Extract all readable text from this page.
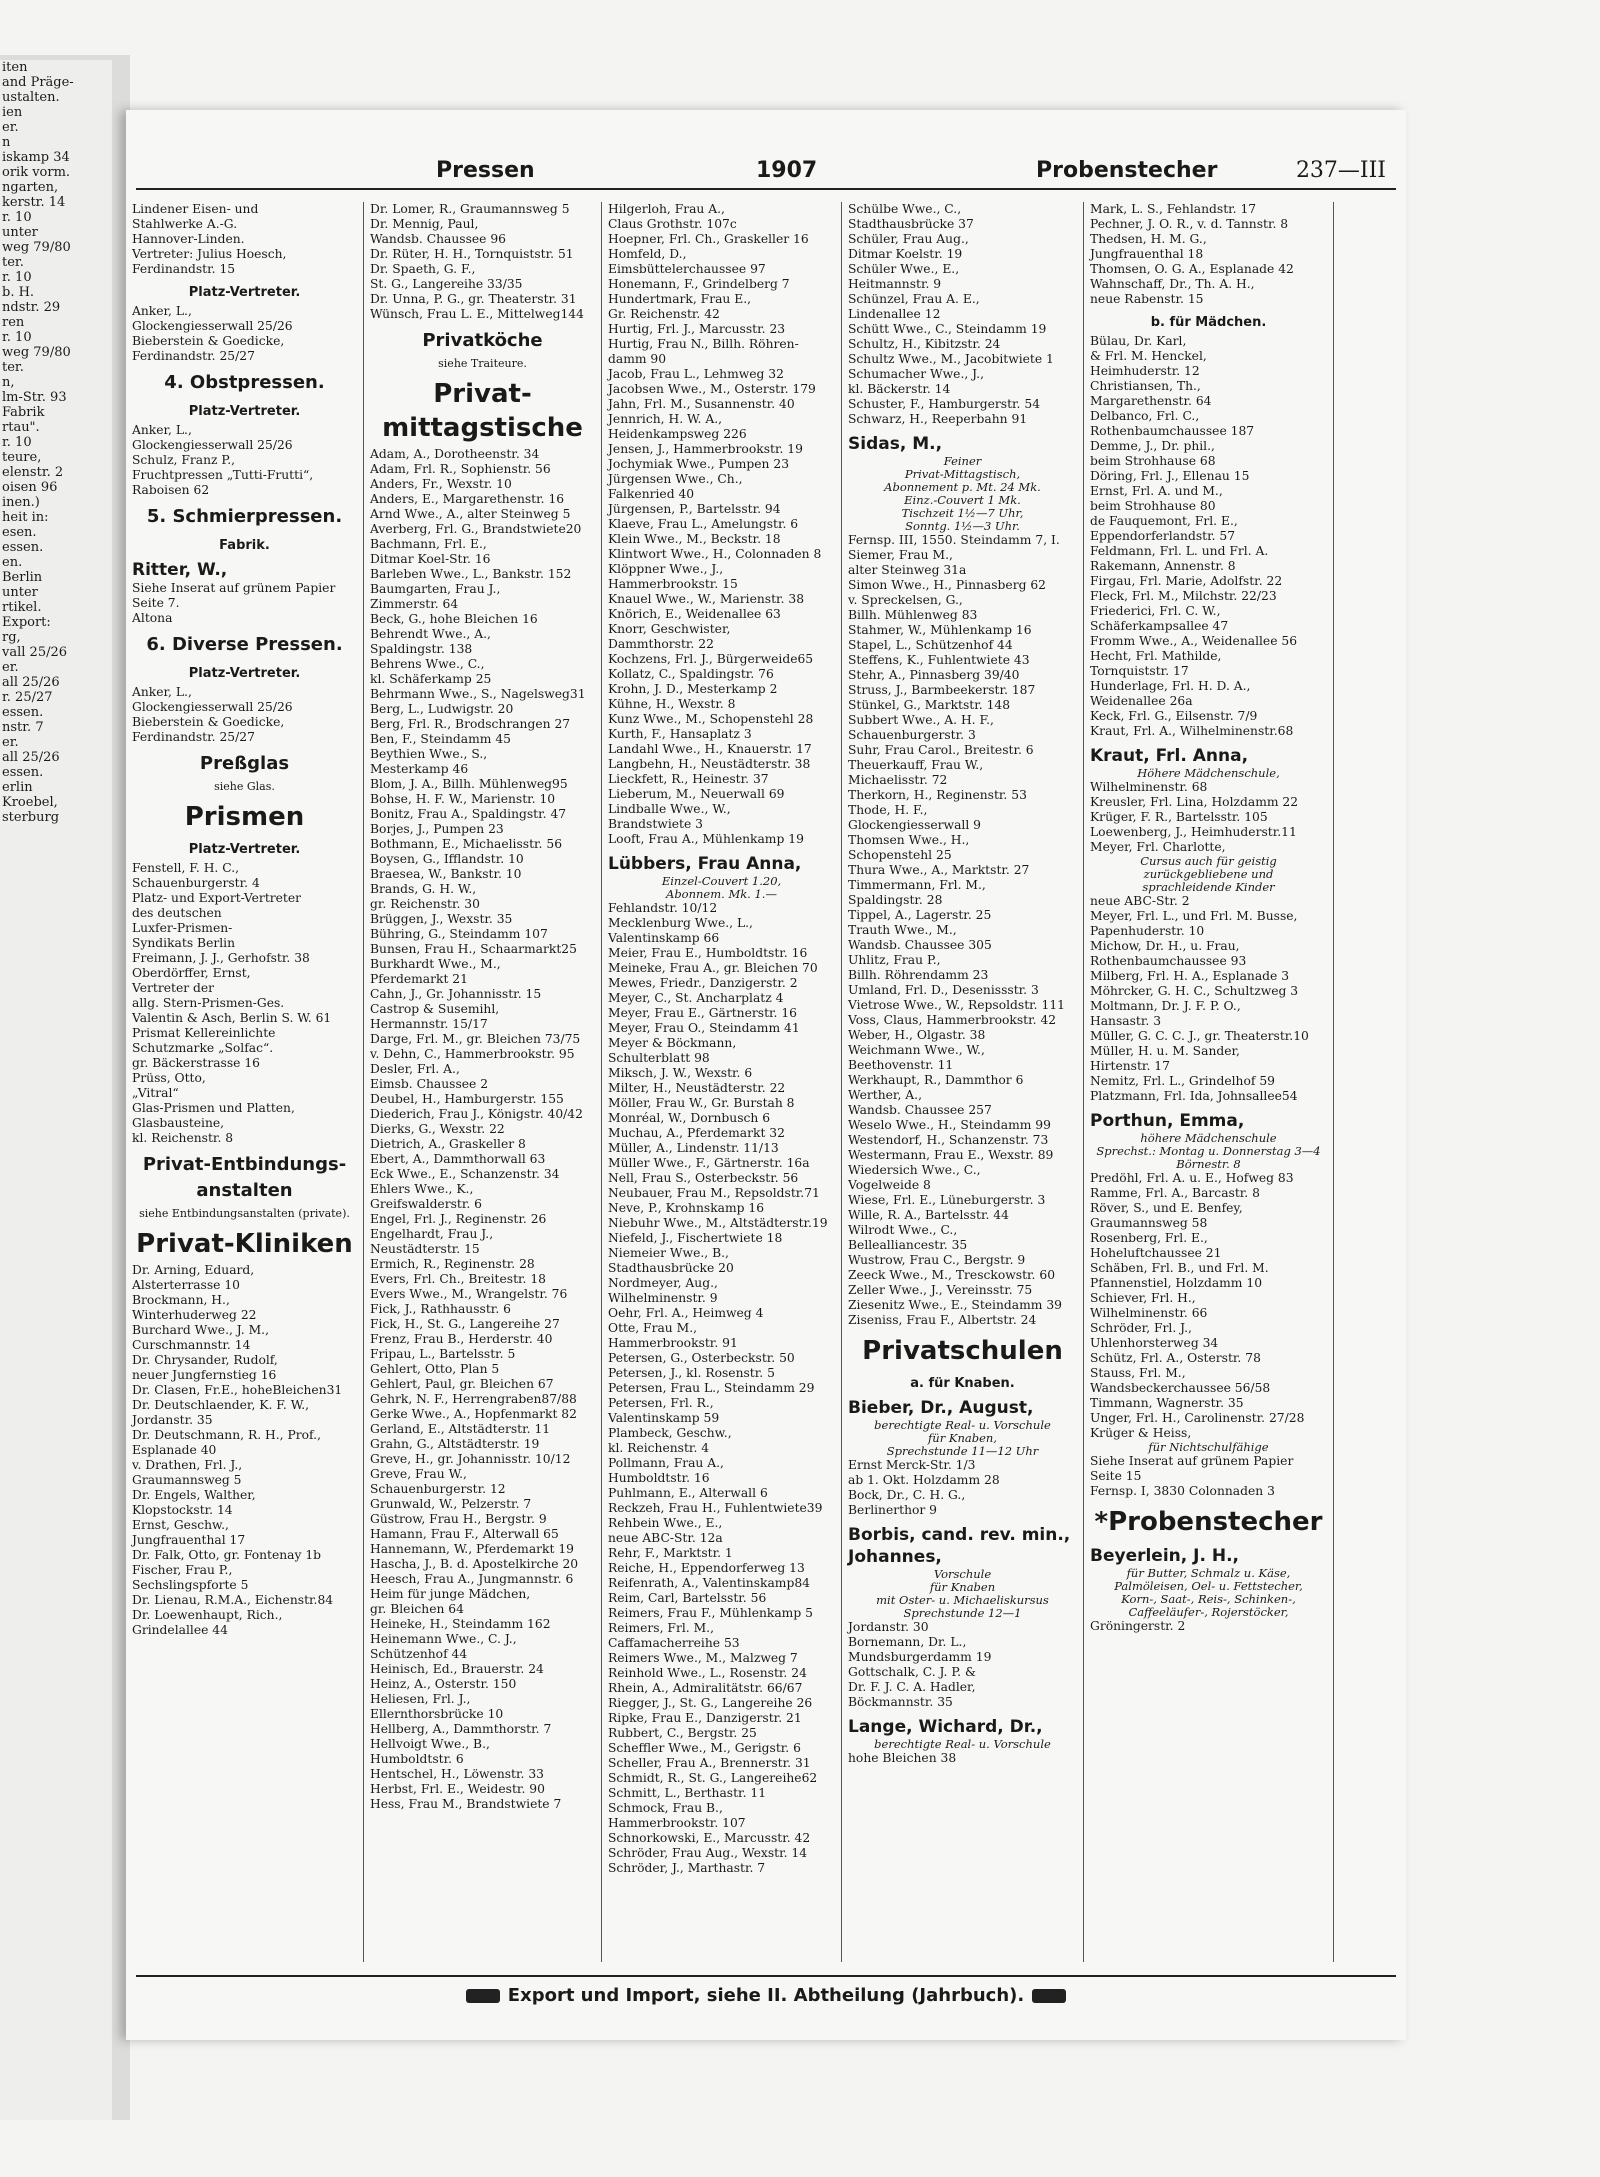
iten
and Präge-
ustalten.
ien
er.
n
iskamp 34
orik vorm.
ngarten,
kerstr. 14
r. 10
unter
weg 79/80
ter.
r. 10
b. H.
ndstr. 29
ren
r. 10
weg 79/80
ter.
n,
lm-Str. 93
Fabrik
rtau".
r. 10
teure,
elenstr. 2
oisen 96
inen.)
heit in:
esen.
essen.
en.
Berlin
unter
rtikel.
Export:
rg,
vall 25/26
er.
all 25/26
r. 25/27
essen.
nstr. 7
er.
all 25/26
essen.
erlin
Kroebel,
sterburg
Pressen	1907	Probenstecher	237—III
Lindener Eisen- und
Stahlwerke A.-G.
Hannover-Linden.
Vertreter: Julius Hoesch,
Ferdinandstr. 15
Platz-Vertreter.
Anker, L.,
Glockengiesserwall 25/26
Bieberstein & Goedicke,
Ferdinandstr. 25/27
4. Obstpressen.
Platz-Vertreter.
Anker, L.,
Glockengiesserwall 25/26
Schulz, Franz P.,
Fruchtpressen „Tutti-Frutti“,
Raboisen 62
5. Schmierpressen.
Fabrik.
Ritter, W.,
Siehe Inserat auf grünem Papier
Seite 7.
Altona
6. Diverse Pressen.
Platz-Vertreter.
Anker, L.,
Glockengiesserwall 25/26
Bieberstein & Goedicke,
Ferdinandstr. 25/27
Preßglas
siehe Glas.
Prismen
Platz-Vertreter.
Fenstell, F. H. C.,
Schauenburgerstr. 4
Platz- und Export-Vertreter
des deutschen
Luxfer-Prismen-
Syndikats Berlin
Freimann, J. J., Gerhofstr. 38
Oberdörffer, Ernst,
Vertreter der
allg. Stern-Prismen-Ges.
Valentin & Asch, Berlin S. W. 61
Prismat Kellereinlichte
Schutzmarke „Solfac“.
gr. Bäckerstrasse 16
Prüss, Otto,
„Vitral“
Glas-Prismen und Platten,
Glasbausteine,
kl. Reichenstr. 8
Privat-Entbindungs-anstalten
siehe Entbindungsanstalten (private).
Privat-Kliniken
Dr. Arning, Eduard,
Alsterterrasse 10
Brockmann, H.,
Winterhuderweg 22
Burchard Wwe., J. M.,
Curschmannstr. 14
Dr. Chrysander, Rudolf,
neuer Jungfernstieg 16
Dr. Clasen, Fr.E., hoheBleichen31
Dr. Deutschlaender, K. F. W.,
Jordanstr. 35
Dr. Deutschmann, R. H., Prof.,
Esplanade 40
v. Drathen, Frl. J.,
Graumannsweg 5
Dr. Engels, Walther,
Klopstockstr. 14
Ernst, Geschw.,
Jungfrauenthal 17
Dr. Falk, Otto, gr. Fontenay 1b
Fischer, Frau P.,
Sechslingspforte 5
Dr. Lienau, R.M.A., Eichenstr.84
Dr. Loewenhaupt, Rich.,
Grindelallee 44
Dr. Lomer, R., Graumannsweg 5
Dr. Mennig, Paul,
Wandsb. Chaussee 96
Dr. Rüter, H. H., Tornquiststr. 51
Dr. Spaeth, G. F.,
St. G., Langereihe 33/35
Dr. Unna, P. G., gr. Theaterstr. 31
Wünsch, Frau L. E., Mittelweg144
Privatköche
siehe Traiteure.
Privat-mittagstische
Adam, A., Dorotheenstr. 34
Adam, Frl. R., Sophienstr. 56
Anders, Fr., Wexstr. 10
Anders, E., Margarethenstr. 16
Arnd Wwe., A., alter Steinweg 5
Averberg, Frl. G., Brandstwiete20
Bachmann, Frl. E.,
Ditmar Koel-Str. 16
Barleben Wwe., L., Bankstr. 152
Baumgarten, Frau J.,
Zimmerstr. 64
Beck, G., hohe Bleichen 16
Behrendt Wwe., A.,
Spaldingstr. 138
Behrens Wwe., C.,
kl. Schäferkamp 25
Behrmann Wwe., S., Nagelsweg31
Berg, L., Ludwigstr. 20
Berg, Frl. R., Brodschrangen 27
Ben, F., Steindamm 45
Beythien Wwe., S.,
Mesterkamp 46
Blom, J. A., Billh. Mühlenweg95
Bohse, H. F. W., Marienstr. 10
Bonitz, Frau A., Spaldingstr. 47
Borjes, J., Pumpen 23
Bothmann, E., Michaelisstr. 56
Boysen, G., Ifflandstr. 10
Braesea, W., Bankstr. 10
Brands, G. H. W.,
gr. Reichenstr. 30
Brüggen, J., Wexstr. 35
Bühring, G., Steindamm 107
Bunsen, Frau H., Schaarmarkt25
Burkhardt Wwe., M.,
Pferdemarkt 21
Cahn, J., Gr. Johannisstr. 15
Castrop & Susemihl,
Hermannstr. 15/17
Darge, Frl. M., gr. Bleichen 73/75
v. Dehn, C., Hammerbrookstr. 95
Desler, Frl. A.,
Eimsb. Chaussee 2
Deubel, H., Hamburgerstr. 155
Diederich, Frau J., Königstr. 40/42
Dierks, G., Wexstr. 22
Dietrich, A., Graskeller 8
Ebert, A., Dammthorwall 63
Eck Wwe., E., Schanzenstr. 34
Ehlers Wwe., K.,
Greifswalderstr. 6
Engel, Frl. J., Reginenstr. 26
Engelhardt, Frau J.,
Neustädterstr. 15
Ermich, R., Reginenstr. 28
Evers, Frl. Ch., Breitestr. 18
Evers Wwe., M., Wrangelstr. 76
Fick, J., Rathhausstr. 6
Fick, H., St. G., Langereihe 27
Frenz, Frau B., Herderstr. 40
Fripau, L., Bartelsstr. 5
Gehlert, Otto, Plan 5
Gehlert, Paul, gr. Bleichen 67
Gehrk, N. F., Herrengraben87/88
Gerke Wwe., A., Hopfenmarkt 82
Gerland, E., Altstädterstr. 11
Grahn, G., Altstädterstr. 19
Greve, H., gr. Johannisstr. 10/12
Greve, Frau W.,
Schauenburgerstr. 12
Grunwald, W., Pelzerstr. 7
Güstrow, Frau H., Bergstr. 9
Hamann, Frau F., Alterwall 65
Hannemann, W., Pferdemarkt 19
Hascha, J., B. d. Apostelkirche 20
Heesch, Frau A., Jungmannstr. 6
Heim für junge Mädchen,
gr. Bleichen 64
Heineke, H., Steindamm 162
Heinemann Wwe., C. J.,
Schützenhof 44
Heinisch, Ed., Brauerstr. 24
Heinz, A., Osterstr. 150
Heliesen, Frl. J.,
Ellernthorsbrücke 10
Hellberg, A., Dammthorstr. 7
Hellvoigt Wwe., B.,
Humboldtstr. 6
Hentschel, H., Löwenstr. 33
Herbst, Frl. E., Weidestr. 90
Hess, Frau M., Brandstwiete 7
Hilgerloh, Frau A.,
Claus Grothstr. 107c
Hoepner, Frl. Ch., Graskeller 16
Homfeld, D.,
Eimsbüttelerchaussee 97
Honemann, F., Grindelberg 7
Hundertmark, Frau E.,
Gr. Reichenstr. 42
Hurtig, Frl. J., Marcusstr. 23
Hurtig, Frau N., Billh. Röhren-
damm 90
Jacob, Frau L., Lehmweg 32
Jacobsen Wwe., M., Osterstr. 179
Jahn, Frl. M., Susannenstr. 40
Jennrich, H. W. A.,
Heidenkampsweg 226
Jensen, J., Hammerbrookstr. 19
Jochymiak Wwe., Pumpen 23
Jürgensen Wwe., Ch.,
Falkenried 40
Jürgensen, P., Bartelsstr. 94
Klaeve, Frau L., Amelungstr. 6
Klein Wwe., M., Beckstr. 18
Klintwort Wwe., H., Colonnaden 8
Klöppner Wwe., J.,
Hammerbrookstr. 15
Knauel Wwe., W., Marienstr. 38
Knörich, E., Weidenallee 63
Knorr, Geschwister,
Dammthorstr. 22
Kochzens, Frl. J., Bürgerweide65
Kollatz, C., Spaldingstr. 76
Krohn, J. D., Mesterkamp 2
Kühne, H., Wexstr. 8
Kunz Wwe., M., Schopenstehl 28
Kurth, F., Hansaplatz 3
Landahl Wwe., H., Knauerstr. 17
Langbehn, H., Neustädterstr. 38
Lieckfett, R., Heinestr. 37
Lieberum, M., Neuerwall 69
Lindballe Wwe., W.,
Brandstwiete 3
Looft, Frau A., Mühlenkamp 19
Lübbers, Frau Anna,
Einzel-Couvert 1.20,
Abonnem. Mk. 1.—
Fehlandstr. 10/12
Mecklenburg Wwe., L.,
Valentinskamp 66
Meier, Frau E., Humboldtstr. 16
Meineke, Frau A., gr. Bleichen 70
Mewes, Friedr., Danzigerstr. 2
Meyer, C., St. Ancharplatz 4
Meyer, Frau E., Gärtnerstr. 16
Meyer, Frau O., Steindamm 41
Meyer & Böckmann,
Schulterblatt 98
Miksch, J. W., Wexstr. 6
Milter, H., Neustädterstr. 22
Möller, Frau W., Gr. Burstah 8
Monréal, W., Dornbusch 6
Muchau, A., Pferdemarkt 32
Müller, A., Lindenstr. 11/13
Müller Wwe., F., Gärtnerstr. 16a
Nell, Frau S., Osterbeckstr. 56
Neubauer, Frau M., Repsoldstr.71
Neve, P., Krohnskamp 16
Niebuhr Wwe., M., Altstädterstr.19
Niefeld, J., Fischertwiete 18
Niemeier Wwe., B.,
Stadthausbrücke 20
Nordmeyer, Aug.,
Wilhelminenstr. 9
Oehr, Frl. A., Heimweg 4
Otte, Frau M.,
Hammerbrookstr. 91
Petersen, G., Osterbeckstr. 50
Petersen, J., kl. Rosenstr. 5
Petersen, Frau L., Steindamm 29
Petersen, Frl. R.,
Valentinskamp 59
Plambeck, Geschw.,
kl. Reichenstr. 4
Pollmann, Frau A.,
Humboldtstr. 16
Puhlmann, E., Alterwall 6
Reckzeh, Frau H., Fuhlentwiete39
Rehbein Wwe., E.,
neue ABC-Str. 12a
Rehr, F., Marktstr. 1
Reiche, H., Eppendorferweg 13
Reifenrath, A., Valentinskamp84
Reim, Carl, Bartelsstr. 56
Reimers, Frau F., Mühlenkamp 5
Reimers, Frl. M.,
Caffamacherreihe 53
Reimers Wwe., M., Malzweg 7
Reinhold Wwe., L., Rosenstr. 24
Rhein, A., Admiralitätstr. 66/67
Riegger, J., St. G., Langereihe 26
Ripke, Frau E., Danzigerstr. 21
Rubbert, C., Bergstr. 25
Scheffler Wwe., M., Gerigstr. 6
Scheller, Frau A., Brennerstr. 31
Schmidt, R., St. G., Langereihe62
Schmitt, L., Berthastr. 11
Schmock, Frau B.,
Hammerbrookstr. 107
Schnorkowski, E., Marcusstr. 42
Schröder, Frau Aug., Wexstr. 14
Schröder, J., Marthastr. 7
Schülbe Wwe., C.,
Stadthausbrücke 37
Schüler, Frau Aug.,
Ditmar Koelstr. 19
Schüler Wwe., E.,
Heitmannstr. 9
Schünzel, Frau A. E.,
Lindenallee 12
Schütt Wwe., C., Steindamm 19
Schultz, H., Kibitzstr. 24
Schultz Wwe., M., Jacobitwiete 1
Schumacher Wwe., J.,
kl. Bäckerstr. 14
Schuster, F., Hamburgerstr. 54
Schwarz, H., Reeperbahn 91
Sidas, M.,
Feiner
Privat-Mittagstisch,
Abonnement p. Mt. 24 Mk.
Einz.-Couvert 1 Mk.
Tischzeit 1½—7 Uhr,
Sonntg. 1½—3 Uhr.
Fernsp. III, 1550. Steindamm 7, I.
Siemer, Frau M.,
alter Steinweg 31a
Simon Wwe., H., Pinnasberg 62
v. Spreckelsen, G.,
Billh. Mühlenweg 83
Stahmer, W., Mühlenkamp 16
Stapel, L., Schützenhof 44
Steffens, K., Fuhlentwiete 43
Stehr, A., Pinnasberg 39/40
Struss, J., Barmbeekerstr. 187
Stünkel, G., Marktstr. 148
Subbert Wwe., A. H. F.,
Schauenburgerstr. 3
Suhr, Frau Carol., Breitestr. 6
Theuerkauff, Frau W.,
Michaelisstr. 72
Therkorn, H., Reginenstr. 53
Thode, H. F.,
Glockengiesserwall 9
Thomsen Wwe., H.,
Schopenstehl 25
Thura Wwe., A., Marktstr. 27
Timmermann, Frl. M.,
Spaldingstr. 28
Tippel, A., Lagerstr. 25
Trauth Wwe., M.,
Wandsb. Chaussee 305
Uhlitz, Frau P.,
Billh. Röhrendamm 23
Umland, Frl. D., Desenissstr. 3
Vietrose Wwe., W., Repsoldstr. 111
Voss, Claus, Hammerbrookstr. 42
Weber, H., Olgastr. 38
Weichmann Wwe., W.,
Beethovenstr. 11
Werkhaupt, R., Dammthor 6
Werther, A.,
Wandsb. Chaussee 257
Weselo Wwe., H., Steindamm 99
Westendorf, H., Schanzenstr. 73
Westermann, Frau E., Wexstr. 89
Wiedersich Wwe., C.,
Vogelweide 8
Wiese, Frl. E., Lüneburgerstr. 3
Wille, R. A., Bartelsstr. 44
Wilrodt Wwe., C.,
Bellealliancestr. 35
Wustrow, Frau C., Bergstr. 9
Zeeck Wwe., M., Tresckowstr. 60
Zeller Wwe., J., Vereinsstr. 75
Ziesenitz Wwe., E., Steindamm 39
Ziseniss, Frau F., Albertstr. 24
Privatschulen
a. für Knaben.
Bieber, Dr., August,
berechtigte Real- u. Vorschule
für Knaben,
Sprechstunde 11—12 Uhr
Ernst Merck-Str. 1/3
ab 1. Okt. Holzdamm 28
Bock, Dr., C. H. G.,
Berlinerthor 9
Borbis, cand. rev. min., Johannes,
Vorschule
für Knaben
mit Oster- u. Michaeliskursus
Sprechstunde 12—1
Jordanstr. 30
Bornemann, Dr. L.,
Mundsburgerdamm 19
Gottschalk, C. J. P. &
Dr. F. J. C. A. Hadler,
Böckmannstr. 35
Lange, Wichard, Dr.,
berechtigte Real- u. Vorschule
hohe Bleichen 38
Mark, L. S., Fehlandstr. 17
Pechner, J. O. R., v. d. Tannstr. 8
Thedsen, H. M. G.,
Jungfrauenthal 18
Thomsen, O. G. A., Esplanade 42
Wahnschaff, Dr., Th. A. H.,
neue Rabenstr. 15
b. für Mädchen.
Bülau, Dr. Karl,
& Frl. M. Henckel,
Heimhuderstr. 12
Christiansen, Th.,
Margarethenstr. 64
Delbanco, Frl. C.,
Rothenbaumchaussee 187
Demme, J., Dr. phil.,
beim Strohhause 68
Döring, Frl. J., Ellenau 15
Ernst, Frl. A. und M.,
beim Strohhause 80
de Fauquemont, Frl. E.,
Eppendorferlandstr. 57
Feldmann, Frl. L. und Frl. A.
Rakemann, Annenstr. 8
Firgau, Frl. Marie, Adolfstr. 22
Fleck, Frl. M., Milchstr. 22/23
Friederici, Frl. C. W.,
Schäferkampsallee 47
Fromm Wwe., A., Weidenallee 56
Hecht, Frl. Mathilde,
Tornquiststr. 17
Hunderlage, Frl. H. D. A.,
Weidenallee 26a
Keck, Frl. G., Eilsenstr. 7/9
Kraut, Frl. A., Wilhelminenstr.68
Kraut, Frl. Anna,
Höhere Mädchenschule,
Wilhelminenstr. 68
Kreusler, Frl. Lina, Holzdamm 22
Krüger, F. R., Bartelsstr. 105
Loewenberg, J., Heimhuderstr.11
Meyer, Frl. Charlotte,
Cursus auch für geistig
zurückgebliebene und
sprachleidende Kinder
neue ABC-Str. 2
Meyer, Frl. L., und Frl. M. Busse,
Papenhuderstr. 10
Michow, Dr. H., u. Frau,
Rothenbaumchaussee 93
Milberg, Frl. H. A., Esplanade 3
Möhrcker, G. H. C., Schultzweg 3
Moltmann, Dr. J. F. P. O.,
Hansastr. 3
Müller, G. C. C. J., gr. Theaterstr.10
Müller, H. u. M. Sander,
Hirtenstr. 17
Nemitz, Frl. L., Grindelhof 59
Platzmann, Frl. Ida, Johnsallee54
Porthun, Emma,
höhere Mädchenschule
Sprechst.: Montag u. Donnerstag 3—4
Börnestr. 8
Predöhl, Frl. A. u. E., Hofweg 83
Ramme, Frl. A., Barcastr. 8
Röver, S., und E. Benfey,
Graumannsweg 58
Rosenberg, Frl. E.,
Hoheluftchaussee 21
Schäben, Frl. B., und Frl. M.
Pfannenstiel, Holzdamm 10
Schiever, Frl. H.,
Wilhelminenstr. 66
Schröder, Frl. J.,
Uhlenhorsterweg 34
Schütz, Frl. A., Osterstr. 78
Stauss, Frl. M.,
Wandsbeckerchaussee 56/58
Timmann, Wagnerstr. 35
Unger, Frl. H., Carolinenstr. 27/28
Krüger & Heiss,
für Nichtschulfähige
Siehe Inserat auf grünem Papier
Seite 15
Fernsp. I, 3830 Colonnaden 3
*Probenstecher
Beyerlein, J. H.,
für Butter, Schmalz u. Käse,
Palmöleisen, Oel- u. Fettstecher,
Korn-, Saat-, Reis-, Schinken-,
Caffeeläufer-, Rojerstöcker,
Gröningerstr. 2
Export und Import, siehe II. Abtheilung (Jahrbuch).
